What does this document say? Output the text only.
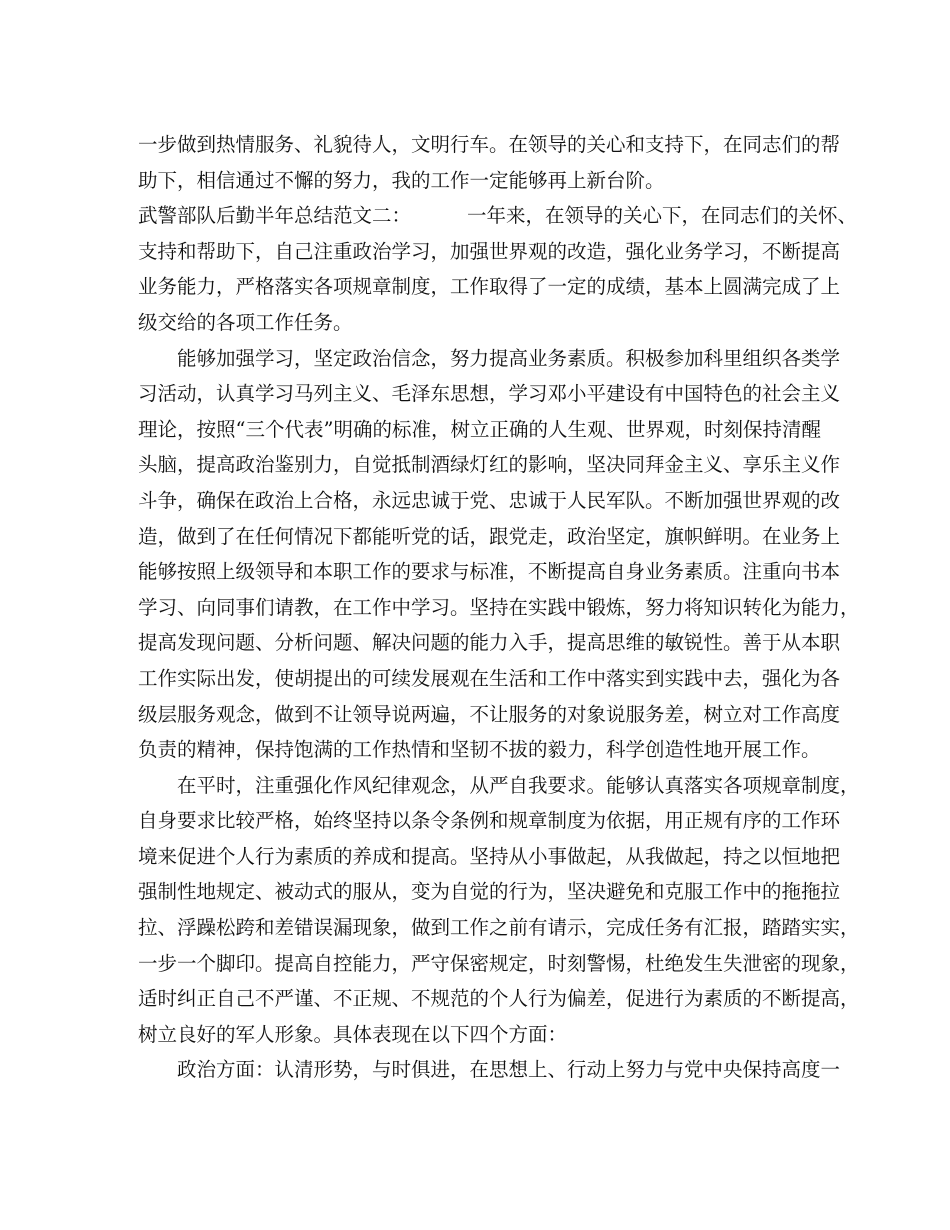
一步做到热情服务、礼貌待人，文明行车。在领导的关心和支持下，在同志们的帮
助下，相信通过不懈的努力，我的工作一定能够再上新台阶。
武警部队后勤半年总结范文二：	一年来，在领导的关心下，在同志们的关怀、
支持和帮助下，自己注重政治学习，加强世界观的改造，强化业务学习，不断提高
业务能力，严格落实各项规章制度，工作取得了一定的成绩，基本上圆满完成了上
级交给的各项工作任务。
能够加强学习，坚定政治信念，努力提高业务素质。积极参加科里组织各类学
习活动，认真学习马列主义、毛泽东思想，学习邓小平建设有中国特色的社会主义
理论，按照“三个代表”明确的标准，树立正确的人生观、世界观，时刻保持清醒
头脑，提高政治鉴别力，自觉抵制酒绿灯红的影响，坚决同拜金主义、享乐主义作
斗争，确保在政治上合格，永远忠诚于党、忠诚于人民军队。不断加强世界观的改
造，做到了在任何情况下都能听党的话，跟党走，政治坚定，旗帜鲜明。在业务上
能够按照上级领导和本职工作的要求与标准，不断提高自身业务素质。注重向书本
学习、向同事们请教，在工作中学习。坚持在实践中锻炼，努力将知识转化为能力，
提高发现问题、分析问题、解决问题的能力入手，提高思维的敏锐性。善于从本职
工作实际出发，使胡提出的可续发展观在生活和工作中落实到实践中去，强化为各
级层服务观念，做到不让领导说两遍，不让服务的对象说服务差，树立对工作高度
负责的精神，保持饱满的工作热情和坚韧不拔的毅力，科学创造性地开展工作。
在平时，注重强化作风纪律观念，从严自我要求。能够认真落实各项规章制度，
自身要求比较严格，始终坚持以条令条例和规章制度为依据，用正规有序的工作环
境来促进个人行为素质的养成和提高。坚持从小事做起，从我做起，持之以恒地把
强制性地规定、被动式的服从，变为自觉的行为，坚决避免和克服工作中的拖拖拉
拉、浮躁松跨和差错误漏现象，做到工作之前有请示，完成任务有汇报，踏踏实实，
一步一个脚印。提高自控能力，严守保密规定，时刻警惕，杜绝发生失泄密的现象，
适时纠正自己不严谨、不正规、不规范的个人行为偏差，促进行为素质的不断提高，
树立良好的军人形象。具体表现在以下四个方面：
政治方面：认清形势，与时俱进，在思想上、行动上努力与党中央保持高度一
